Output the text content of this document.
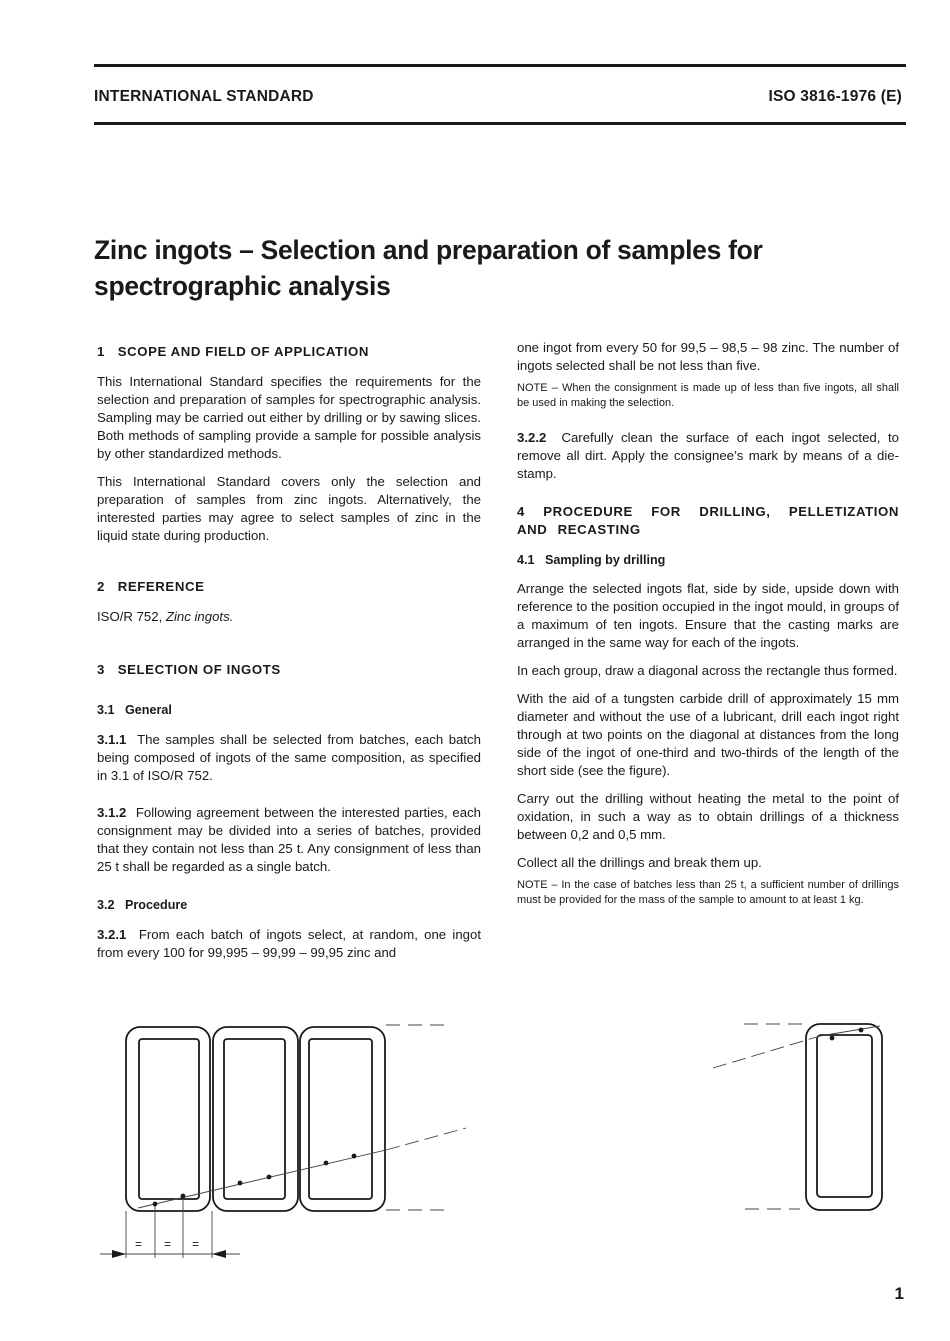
INTERNATIONAL STANDARD	ISO 3816-1976 (E)
Zinc ingots – Selection and preparation of samples for spectrographic analysis
1   SCOPE AND FIELD OF APPLICATION

This International Standard specifies the requirements for the selection and preparation of samples for spectrographic analysis. Sampling may be carried out either by drilling or by sawing slices. Both methods of sampling provide a sample for possible analysis by other standardized methods.

This International Standard covers only the selection and preparation of samples from zinc ingots. Alternatively, the interested parties may agree to select samples of zinc in the liquid state during production.

2   REFERENCE

ISO/R 752, Zinc ingots.

3   SELECTION OF INGOTS
3.1   General

3.1.1  The samples shall be selected from batches, each batch being composed of ingots of the same composition, as specified in 3.1 of ISO/R 752.

3.1.2  Following agreement between the interested parties, each consignment may be divided into a series of batches, provided that they contain not less than 25 t. Any consignment of less than 25 t shall be regarded as a single batch.

3.2   Procedure

3.2.1  From each batch of ingots select, at random, one ingot from every 100 for 99,995 – 99,99 – 99,95 zinc and

one ingot from every 50 for 99,5 – 98,5 – 98 zinc. The number of ingots selected shall be not less than five.

NOTE – When the consignment is made up of less than five ingots, all shall be used in making the selection.

3.2.2  Carefully clean the surface of each ingot selected, to remove all dirt. Apply the consignee’s mark by means of a die-stamp.

4 PROCEDURE FOR DRILLING, PELLETIZATION AND RECASTING
4.1   Sampling by drilling

Arrange the selected ingots flat, side by side, upside down with reference to the position occupied in the ingot mould, in groups of a maximum of ten ingots. Ensure that the casting marks are arranged in the same way for each of the ingots.

In each group, draw a diagonal across the rectangle thus formed.

With the aid of a tungsten carbide drill of approximately 15 mm diameter and without the use of a lubricant, drill each ingot right through at two points on the diagonal at distances from the long side of the ingot of one-third and two-thirds of the length of the short side (see the figure).

Carry out the drilling without heating the metal to the point of oxidation, in such a way as to obtain drillings of a thickness between 0,2 and 0,5 mm.

Collect all the drillings and break them up.

NOTE – In the case of batches less than 25 t, a sufficient number of drillings must be provided for the mass of the sample to amount to at least 1 kg.

= = =
1
